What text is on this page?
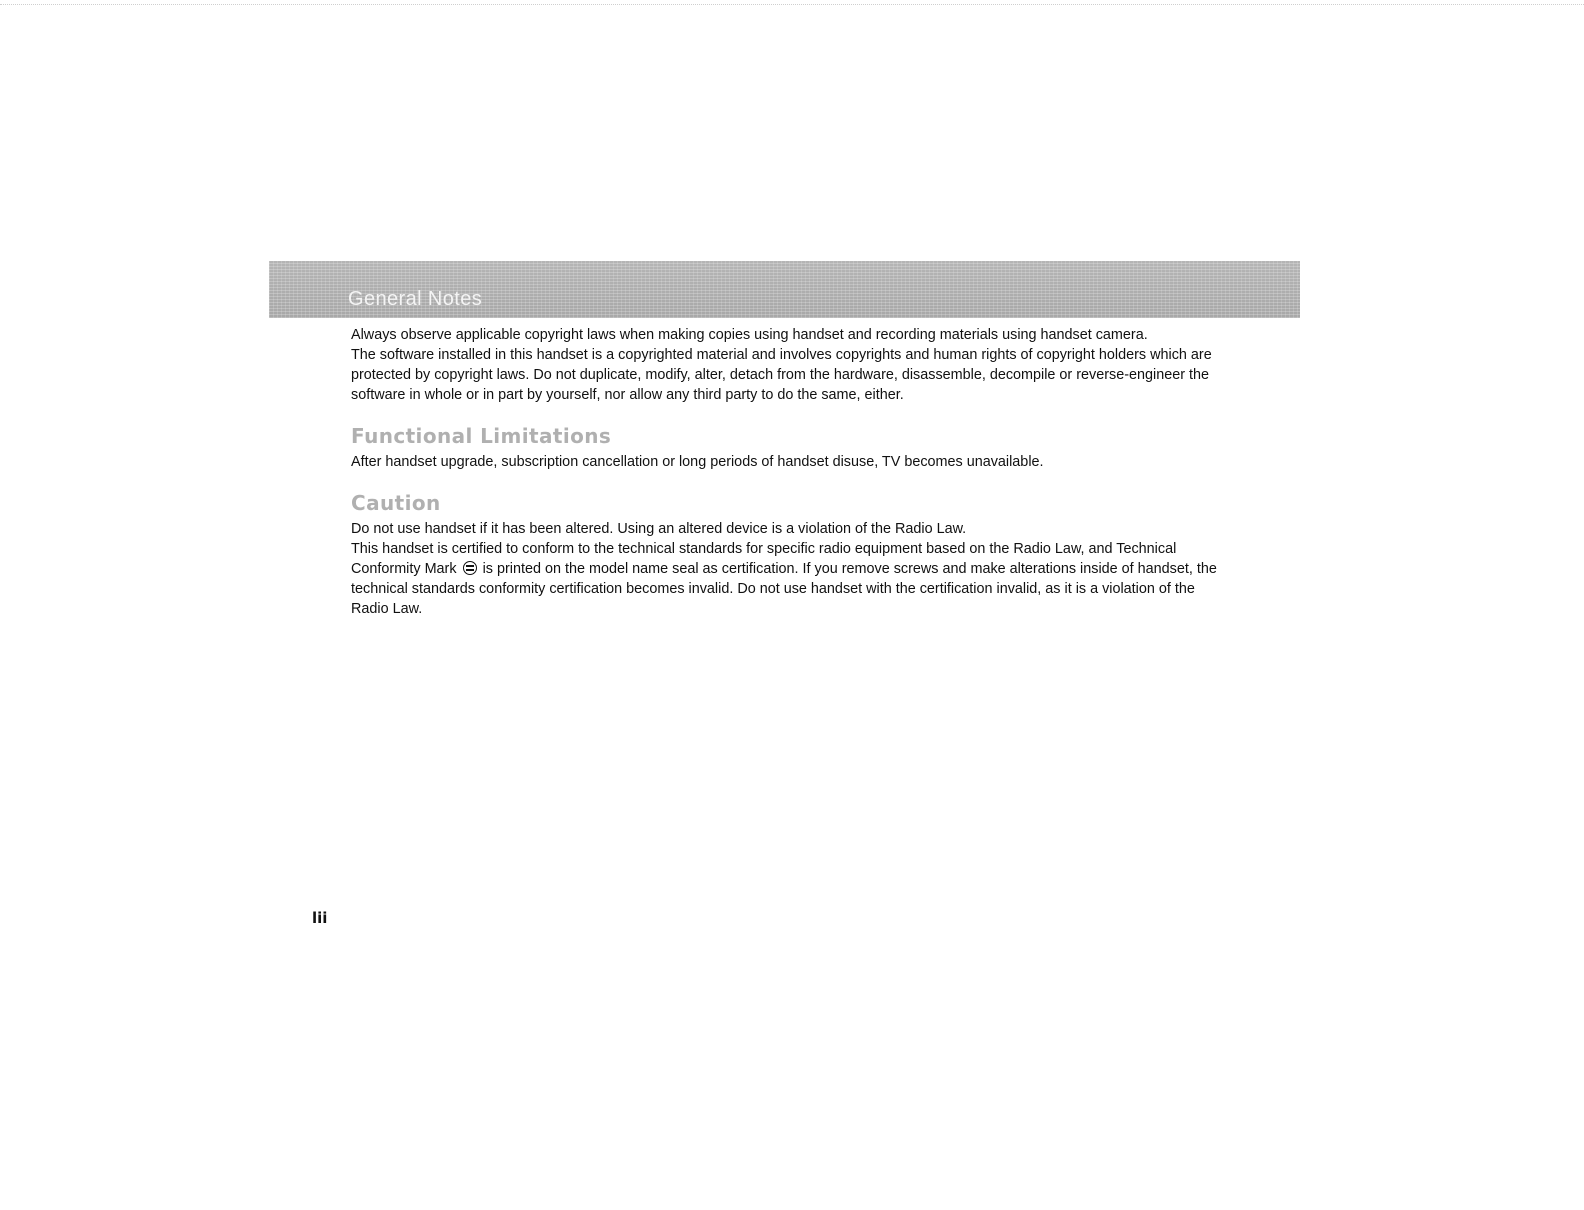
General Notes

Always observe applicable copyright laws when making copies using handset and recording materials using handset camera.

The software installed in this handset is a copyrighted material and involves copyrights and human rights of copyright holders which are protected by copyright laws. Do not duplicate, modify, alter, detach from the hardware, disassemble, decompile or reverse-engineer the software in whole or in part by yourself, nor allow any third party to do the same, either.

Functional Limitations

After handset upgrade, subscription cancellation or long periods of handset disuse, TV becomes unavailable.

Caution

Do not use handset if it has been altered. Using an altered device is a violation of the Radio Law.

This handset is certified to conform to the technical standards for specific radio equipment based on the Radio Law, and Technical Conformity Mark is printed on the model name seal as certification. If you remove screws and make alterations inside of handset, the technical standards conformity certification becomes invalid. Do not use handset with the certification invalid, as it is a violation of the Radio Law.

lii
